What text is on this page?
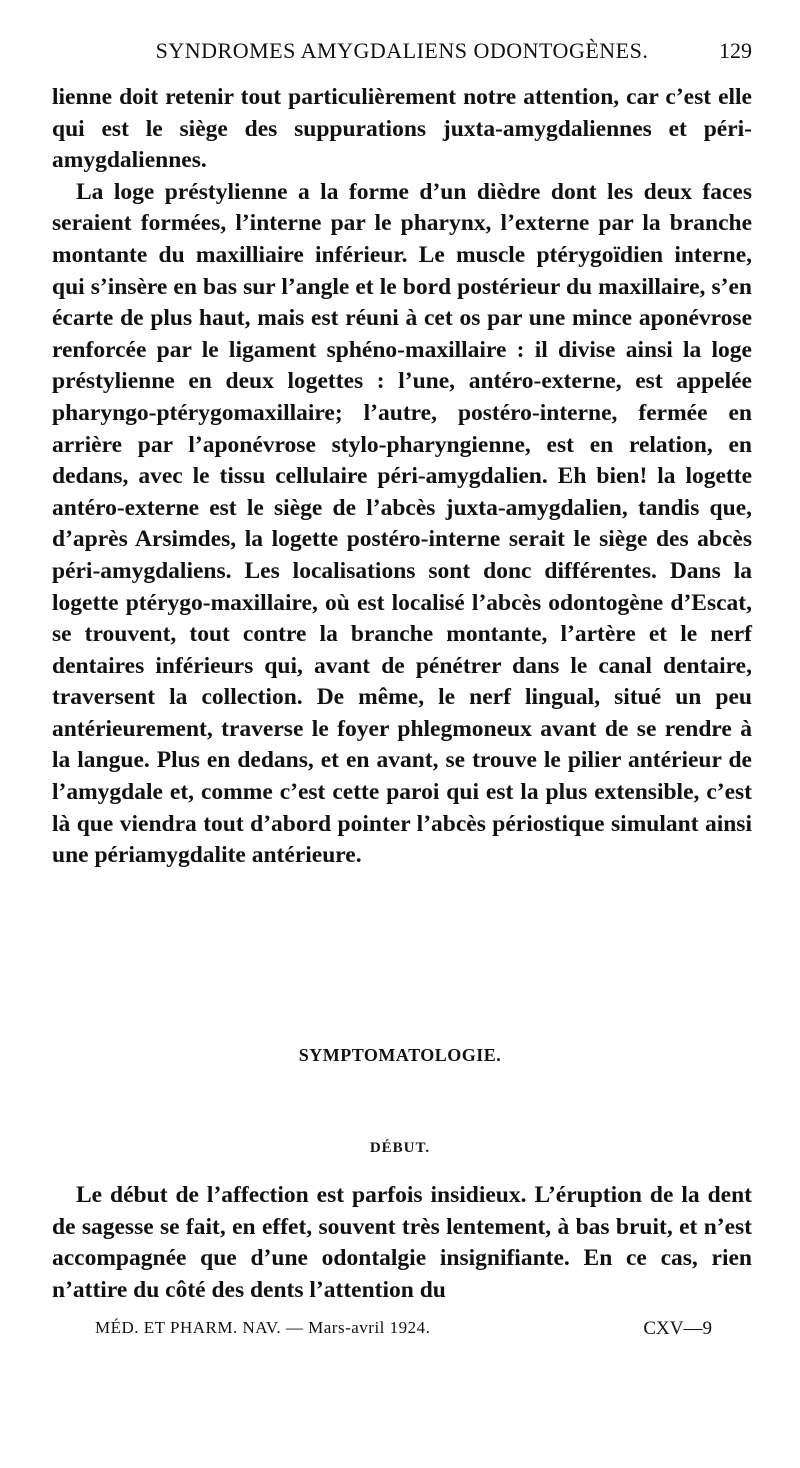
SYNDROMES AMYGDALIENS ODONTOGÈNES.	129

lienne doit retenir tout particulièrement notre attention, car c’est elle qui est le siège des suppurations juxta-amygdaliennes et péri-amygdaliennes.

La loge préstylienne a la forme d’un dièdre dont les deux faces seraient formées, l’interne par le pharynx, l’externe par la branche montante du maxilliaire inférieur. Le muscle ptérygoïdien interne, qui s’insère en bas sur l’angle et le bord postérieur du maxillaire, s’en écarte de plus haut, mais est réuni à cet os par une mince aponévrose renforcée par le ligament sphéno-maxillaire : il divise ainsi la loge préstylienne en deux logettes : l’une, antéro-externe, est appelée pharyngo-ptérygomaxillaire; l’autre, postéro-interne, fermée en arrière par l’aponévrose stylo-pharyngienne, est en relation, en dedans, avec le tissu cellulaire péri-amygdalien. Eh bien! la logette antéro-externe est le siège de l’abcès juxta-amygdalien, tandis que, d’après Arsimdes, la logette postéro-interne serait le siège des abcès péri-amygdaliens. Les localisations sont donc différentes. Dans la logette ptérygo-maxillaire, où est localisé l’abcès odontogène d’Escat, se trouvent, tout contre la branche montante, l’artère et le nerf dentaires inférieurs qui, avant de pénétrer dans le canal dentaire, traversent la collection. De même, le nerf lingual, situé un peu antérieurement, traverse le foyer phlegmoneux avant de se rendre à la langue. Plus en dedans, et en avant, se trouve le pilier antérieur de l’amygdale et, comme c’est cette paroi qui est la plus extensible, c’est là que viendra tout d’abord pointer l’abcès périostique simulant ainsi une périamygdalite antérieure.

SYMPTOMATOLOGIE.
DÉBUT.

Le début de l’affection est parfois insidieux. L’éruption de la dent de sagesse se fait, en effet, souvent très lentement, à bas bruit, et n’est accompagnée que d’une odontalgie insignifiante. En ce cas, rien n’attire du côté des dents l’attention du

MÉD. ET PHARM. NAV. — Mars-avril 1924.	CXV—9
